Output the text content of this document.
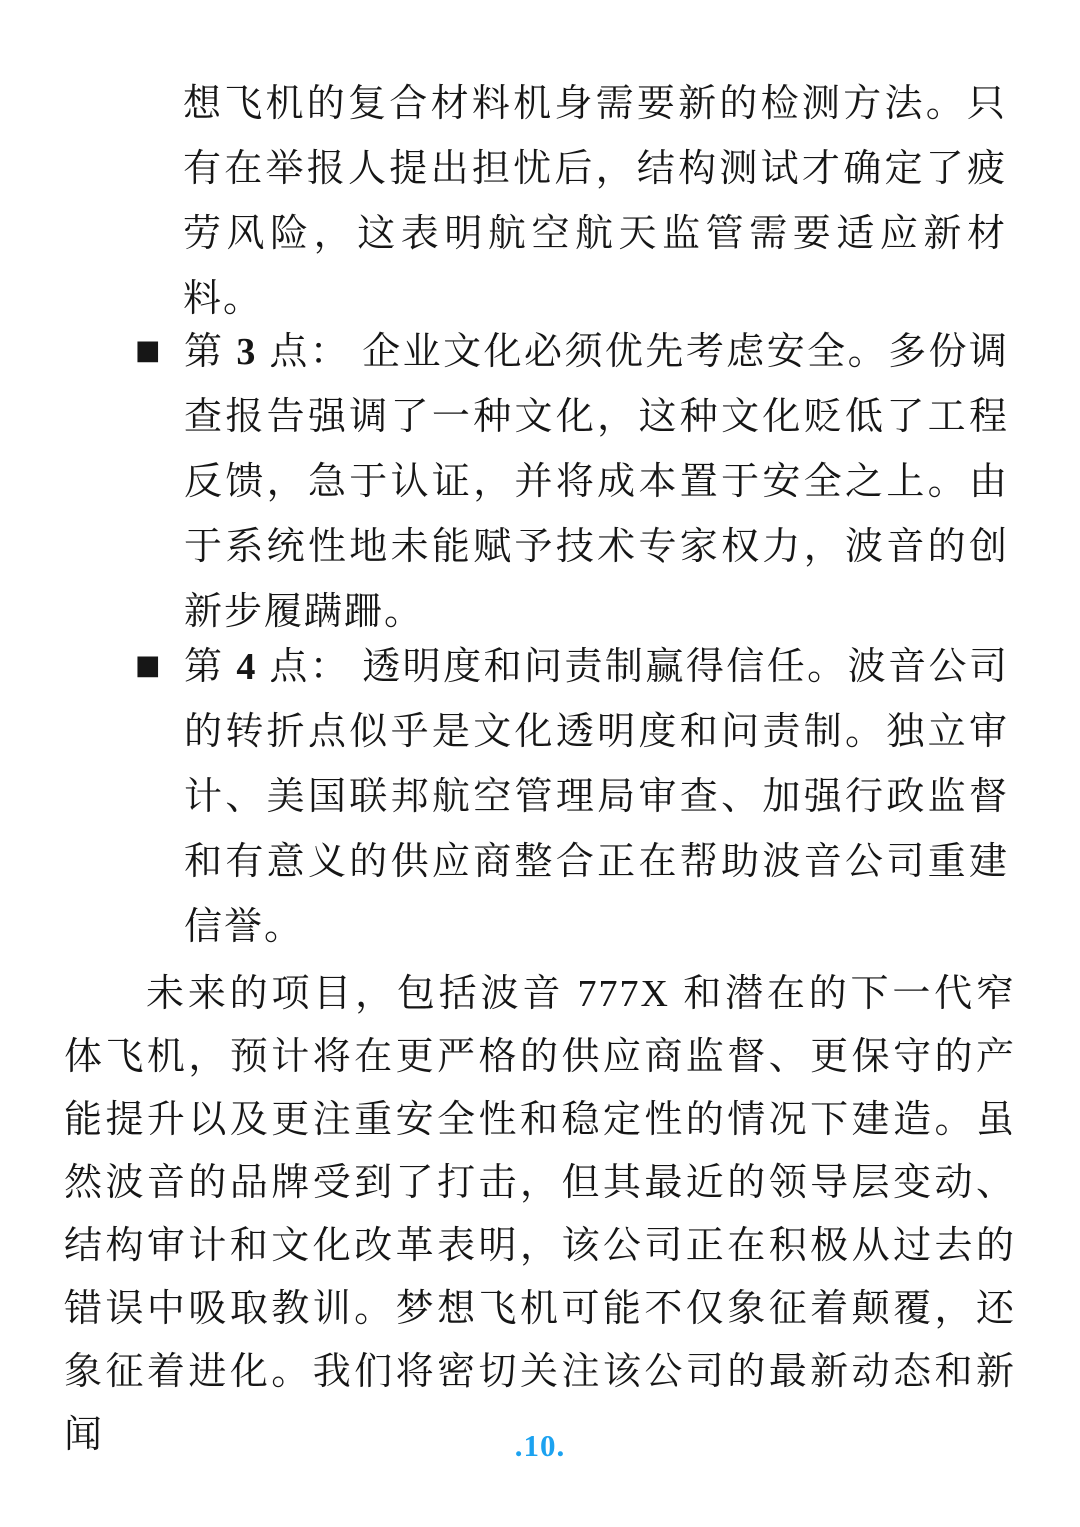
想飞机的复合材料机身需要新的检测方法。只有在举报人提出担忧后，结构测试才确定了疲劳风险，这表明航空航天监管需要适应新材料。

■ 第 3 点： 企业文化必须优先考虑安全。多份调查报告强调了一种文化，这种文化贬低了工程反馈，急于认证，并将成本置于安全之上。由于系统性地未能赋予技术专家权力，波音的创新步履蹒跚。
■ 第 4 点： 透明度和问责制赢得信任。波音公司的转折点似乎是文化透明度和问责制。独立审计、美国联邦航空管理局审查、加强行政监督和有意义的供应商整合正在帮助波音公司重建信誉。

未来的项目，包括波音 777X 和潜在的下一代窄体飞机，预计将在更严格的供应商监督、更保守的产能提升以及更注重安全性和稳定性的情况下建造。虽然波音的品牌受到了打击，但其最近的领导层变动、结构审计和文化改革表明，该公司正在积极从过去的错误中吸取教训。梦想飞机可能不仅象征着颠覆，还象征着进化。我们将密切关注该公司的最新动态和新闻	.10.
